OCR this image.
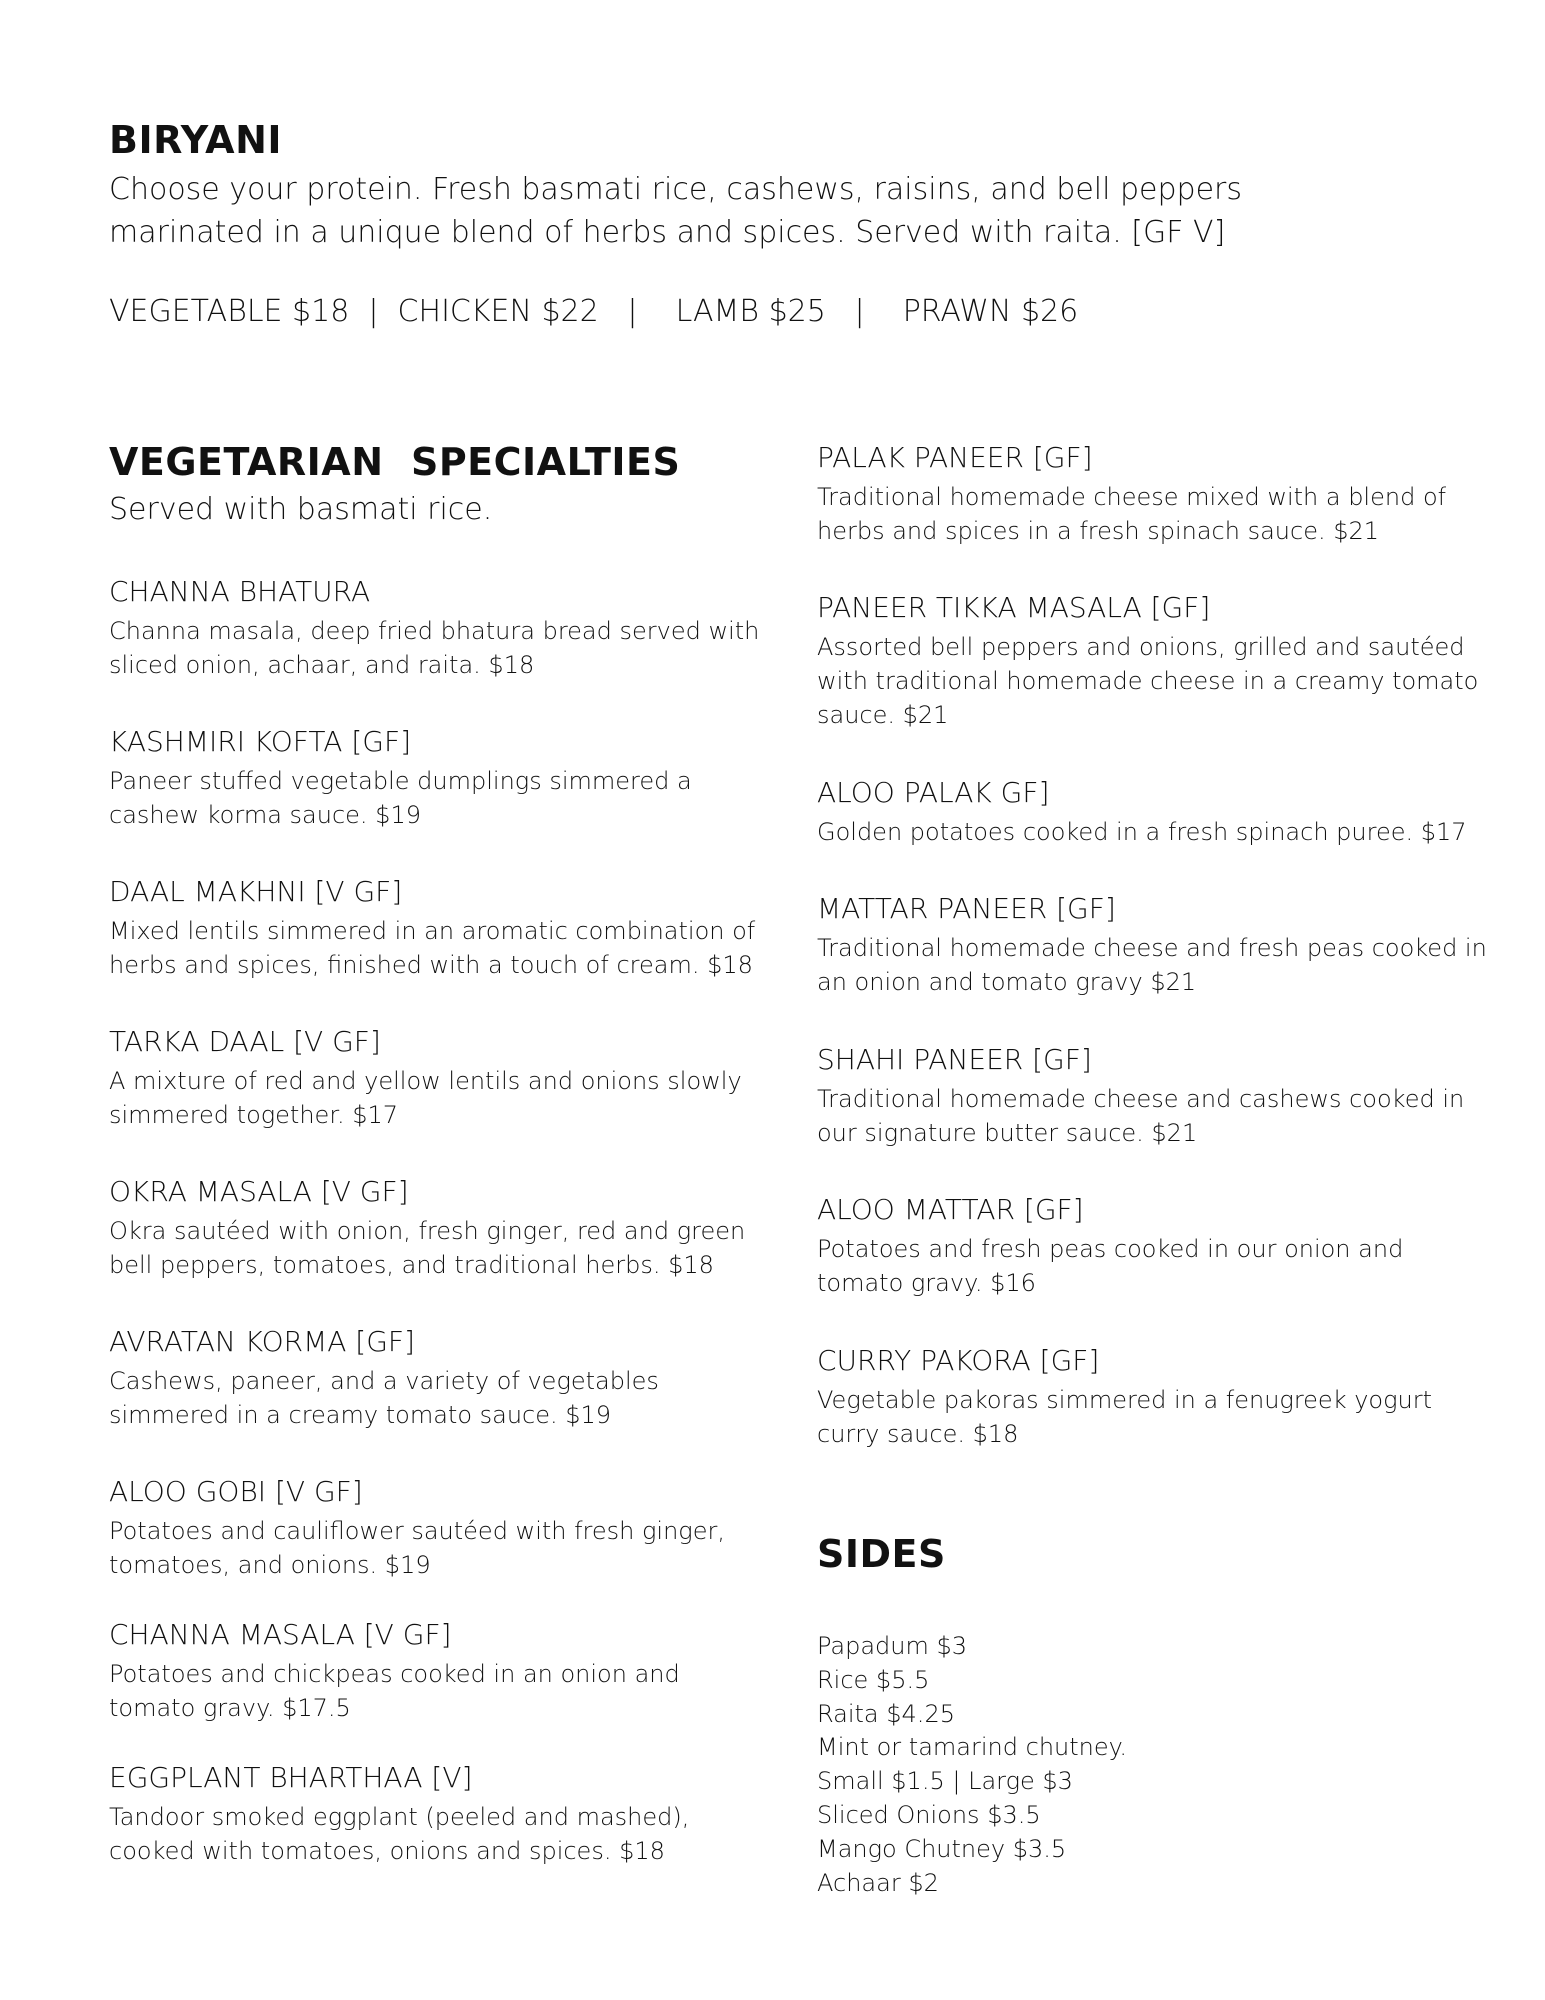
BIRYANI
Choose your protein. Fresh basmati rice, cashews, raisins, and bell peppers marinated in a unique blend of herbs and spices. Served with raita. [GF V]
VEGETABLE $18  |  CHICKEN $22   |    LAMB $25   |    PRAWN $26
VEGETARIAN  SPECIALTIES
Served with basmati rice.
CHANNA BHATURA
Channa masala, deep fried bhatura bread served with sliced onion, achaar, and raita. $18
KASHMIRI KOFTA [GF]
Paneer stuffed vegetable dumplings simmered a cashew korma sauce. $19
DAAL MAKHNI [V GF]
Mixed lentils simmered in an aromatic combination of herbs and spices, finished with a touch of cream. $18
TARKA DAAL [V GF]
A mixture of red and yellow lentils and onions slowly simmered together. $17
OKRA MASALA [V GF]
Okra sautéed with onion, fresh ginger, red and green bell peppers, tomatoes, and traditional herbs. $18
AVRATAN KORMA [GF]
Cashews, paneer, and a variety of vegetables simmered in a creamy tomato sauce. $19
ALOO GOBI [V GF]
Potatoes and cauliflower sautéed with fresh ginger, tomatoes, and onions. $19
CHANNA MASALA [V GF]
Potatoes and chickpeas cooked in an onion and tomato gravy. $17.5
EGGPLANT BHARTHAA [V]
Tandoor smoked eggplant (peeled and mashed), cooked with tomatoes, onions and spices. $18
PALAK PANEER [GF]
Traditional homemade cheese mixed with a blend of herbs and spices in a fresh spinach sauce. $21
PANEER TIKKA MASALA [GF]
Assorted bell peppers and onions, grilled and sautéed with traditional homemade cheese in a creamy tomato sauce. $21
ALOO PALAK GF]
Golden potatoes cooked in a fresh spinach puree. $17
MATTAR PANEER [GF]
Traditional homemade cheese and fresh peas cooked in an onion and tomato gravy $21
SHAHI PANEER [GF]
Traditional homemade cheese and cashews cooked in our signature butter sauce. $21
ALOO MATTAR [GF]
Potatoes and fresh peas cooked in our onion and tomato gravy. $16
CURRY PAKORA [GF]
Vegetable pakoras simmered in a fenugreek yogurt curry sauce. $18
SIDES
Papadum $3
Rice $5.5
Raita $4.25
Mint or tamarind chutney.
Small $1.5 | Large $3
Sliced Onions $3.5
Mango Chutney $3.5
Achaar $2
